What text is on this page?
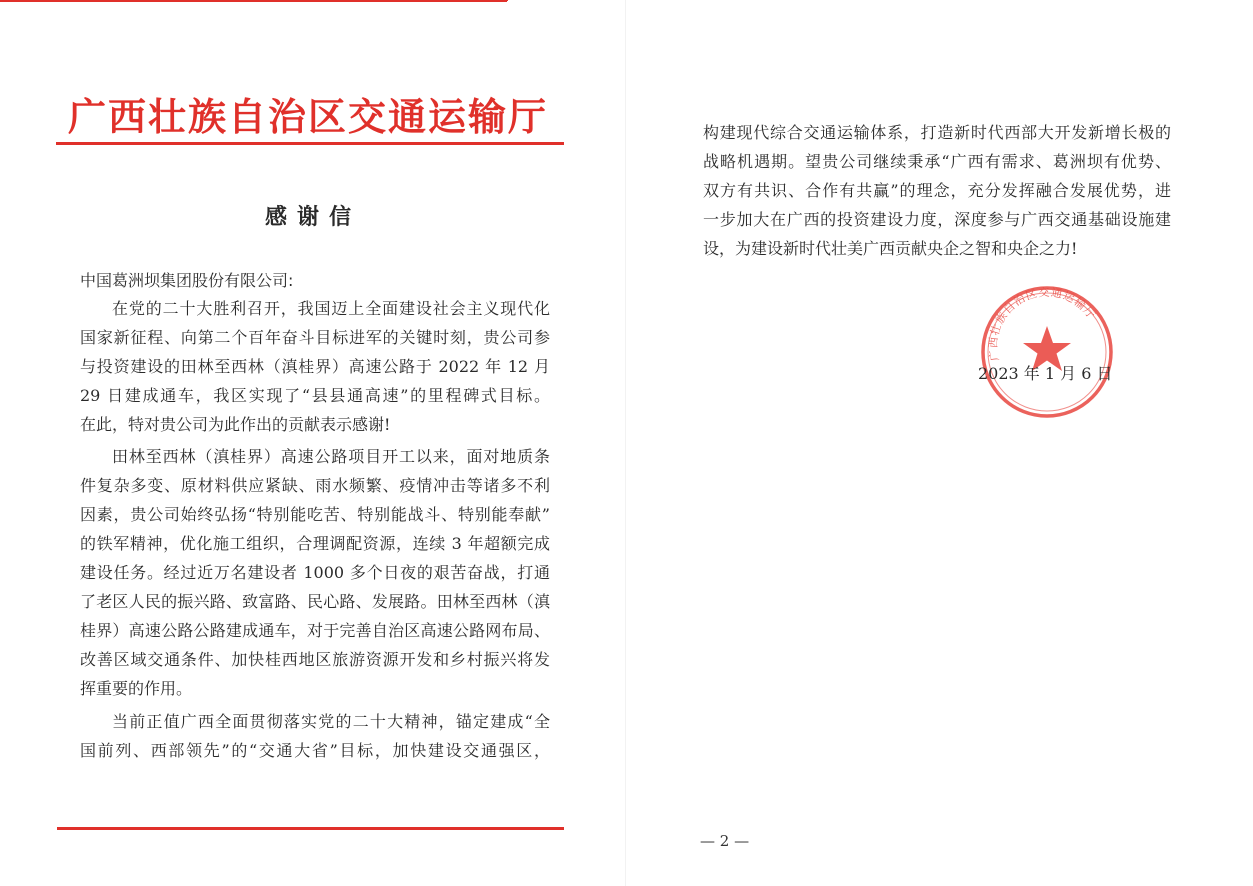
广西壮族自治区交通运输厅
感谢信
中国葛洲坝集团股份有限公司:
在党的二十大胜利召开，我国迈上全面建设社会主义现代化
国家新征程、向第二个百年奋斗目标进军的关键时刻，贵公司参
与投资建设的田林至西林（滇桂界）高速公路于 2022 年 12 月
29 日建成通车，我区实现了“县县通高速”的里程碑式目标。
在此，特对贵公司为此作出的贡献表示感谢!
田林至西林（滇桂界）高速公路项目开工以来，面对地质条
件复杂多变、原材料供应紧缺、雨水频繁、疫情冲击等诸多不利
因素，贵公司始终弘扬“特别能吃苦、特别能战斗、特别能奉献”
的铁军精神，优化施工组织，合理调配资源，连续 3 年超额完成
建设任务。经过近万名建设者 1000 多个日夜的艰苦奋战，打通
了老区人民的振兴路、致富路、民心路、发展路。田林至西林（滇
桂界）高速公路公路建成通车，对于完善自治区高速公路网布局、
改善区域交通条件、加快桂西地区旅游资源开发和乡村振兴将发
挥重要的作用。
当前正值广西全面贯彻落实党的二十大精神，锚定建成“全
国前列、西部领先”的“交通大省”目标，加快建设交通强区，
构建现代综合交通运输体系，打造新时代西部大开发新增长极的
战略机遇期。望贵公司继续秉承“广西有需求、葛洲坝有优势、
双方有共识、合作有共赢”的理念，充分发挥融合发展优势，进
一步加大在广西的投资建设力度，深度参与广西交通基础设施建
设，为建设新时代壮美广西贡献央企之智和央企之力!
广西壮族自治区交通运输厅
2023 年 1 月 6 日
— 2 —
